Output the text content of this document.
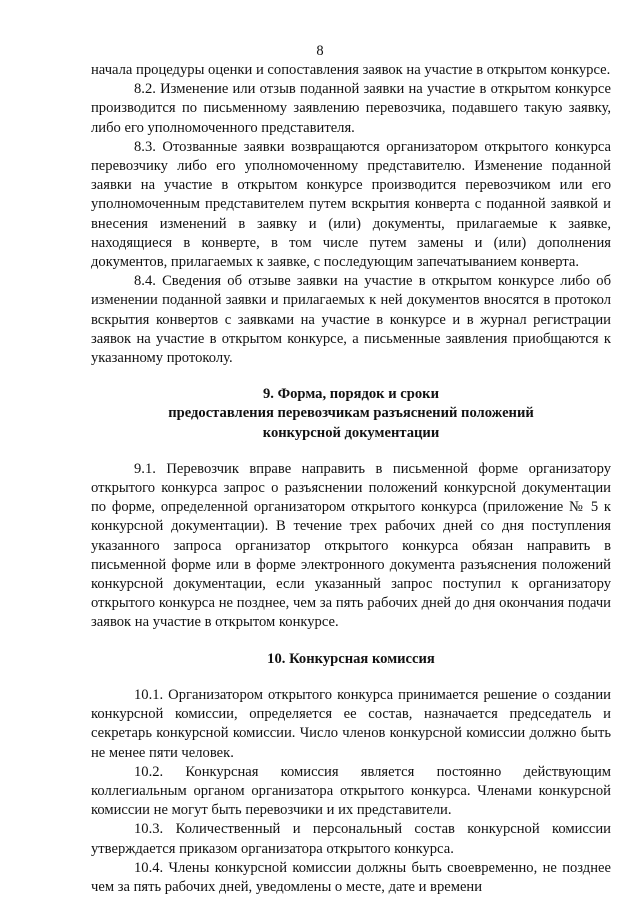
8

начала процедуры оценки и сопоставления заявок на участие в открытом конкурсе.

8.2. Изменение или отзыв поданной заявки на участие в открытом конкурсе производится по письменному заявлению перевозчика, подавшего такую заявку, либо его уполномоченного представителя.

8.3. Отозванные заявки возвращаются организатором открытого конкурса перевозчику либо его уполномоченному представителю. Изменение поданной заявки на участие в открытом конкурсе производится перевозчиком или его уполномоченным представителем путем вскрытия конверта с поданной заявкой и внесения изменений в заявку и (или) документы, прилагаемые к заявке, находящиеся в конверте, в том числе путем замены и (или) дополнения документов, прилагаемых к заявке, с последующим запечатыванием конверта.

8.4. Сведения об отзыве заявки на участие в открытом конкурсе либо об изменении поданной заявки и прилагаемых к ней документов вносятся в протокол вскрытия конвертов с заявками на участие в конкурсе и в журнал регистрации заявок на участие в открытом конкурсе, а письменные заявления приобщаются к указанному протоколу.

9. Форма, порядок и сроки
предоставления перевозчикам разъяснений положений
конкурсной документации

9.1. Перевозчик вправе направить в письменной форме организатору открытого конкурса запрос о разъяснении положений конкурсной документации по форме, определенной организатором открытого конкурса (приложение № 5 к конкурсной документации). В течение трех рабочих дней со дня поступления указанного запроса организатор открытого конкурса обязан направить в письменной форме или в форме электронного документа разъяснения положений конкурсной документации, если указанный запрос поступил к организатору открытого конкурса не позднее, чем за пять рабочих дней до дня окончания подачи заявок на участие в открытом конкурсе.

10. Конкурсная комиссия

10.1. Организатором открытого конкурса принимается решение о создании конкурсной комиссии, определяется ее состав, назначается председатель и секретарь конкурсной комиссии. Число членов конкурсной комиссии должно быть не менее пяти человек.

10.2. Конкурсная комиссия является постоянно действующим коллегиальным органом организатора открытого конкурса. Членами конкурсной комиссии не могут быть перевозчики и их представители.

10.3. Количественный и персональный состав конкурсной комиссии утверждается приказом организатора открытого конкурса.

10.4. Члены конкурсной комиссии должны быть своевременно, не позднее чем за пять рабочих дней, уведомлены о месте, дате и времени
